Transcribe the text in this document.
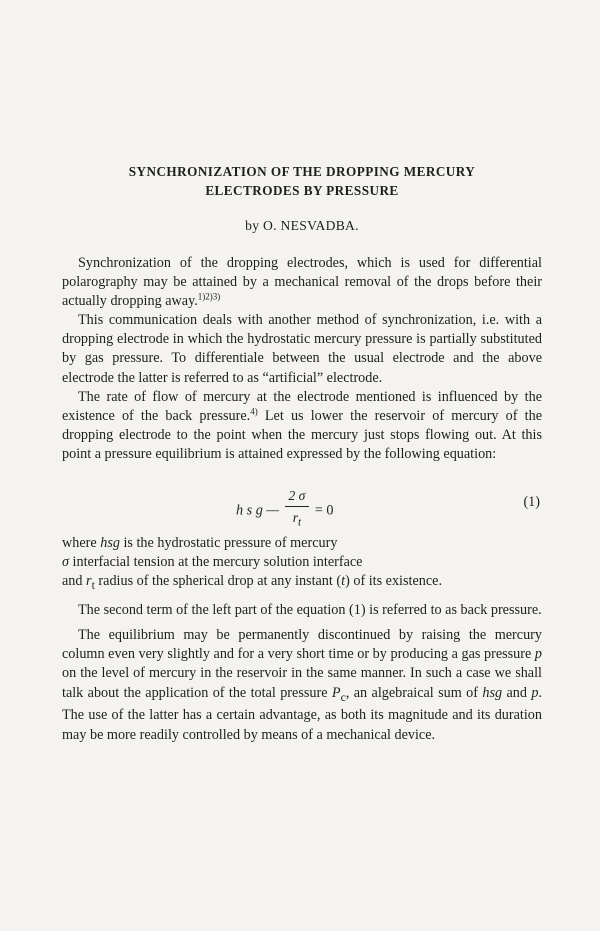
SYNCHRONIZATION OF THE DROPPING MERCURY
ELECTRODES BY PRESSURE
by O. NESVADBA.

Synchronization of the dropping electrodes, which is used for differential polarography may be attained by a mechanical removal of the drops before their actually dropping away.$^{1)2)3)}$

This communication deals with another method of synchronization, i.e. with a dropping electrode in which the hydrostatic mercury pressure is partially substituted by gas pressure. To differentiale between the usual electrode and the above electrode the latter is referred to as “artificial” electrode.

The rate of flow of mercury at the electrode mentioned is influenced by the existence of the back pressure.$^{4)}$ Let us lower the reservoir of mercury of the dropping electrode to the point when the mercury just stops flowing out. At this point a pressure equilibrium is attained expressed by the following equation:

h s g — $\frac{2 \sigma}{r_t} = 0$
(1)

where hsg is the hydrostatic pressure of mercury

σ interfacial tension at the mercury solution interface

and $r_t$ radius of the spherical drop at any instant (t) of its existence.

The second term of the left part of the equation (1) is referred to as back pressure.

The equilibrium may be permanently discontinued by raising the mercury column even very slightly and for a very short time or by producing a gas pressure p on the level of mercury in the reservoir in the same manner. In such a case we shall talk about the application of the total pressure $P_c$, an algebraical sum of hsg and p. The use of the latter has a certain advantage, as both its magnitude and its duration may be more readily controlled by means of a mechanical device.
